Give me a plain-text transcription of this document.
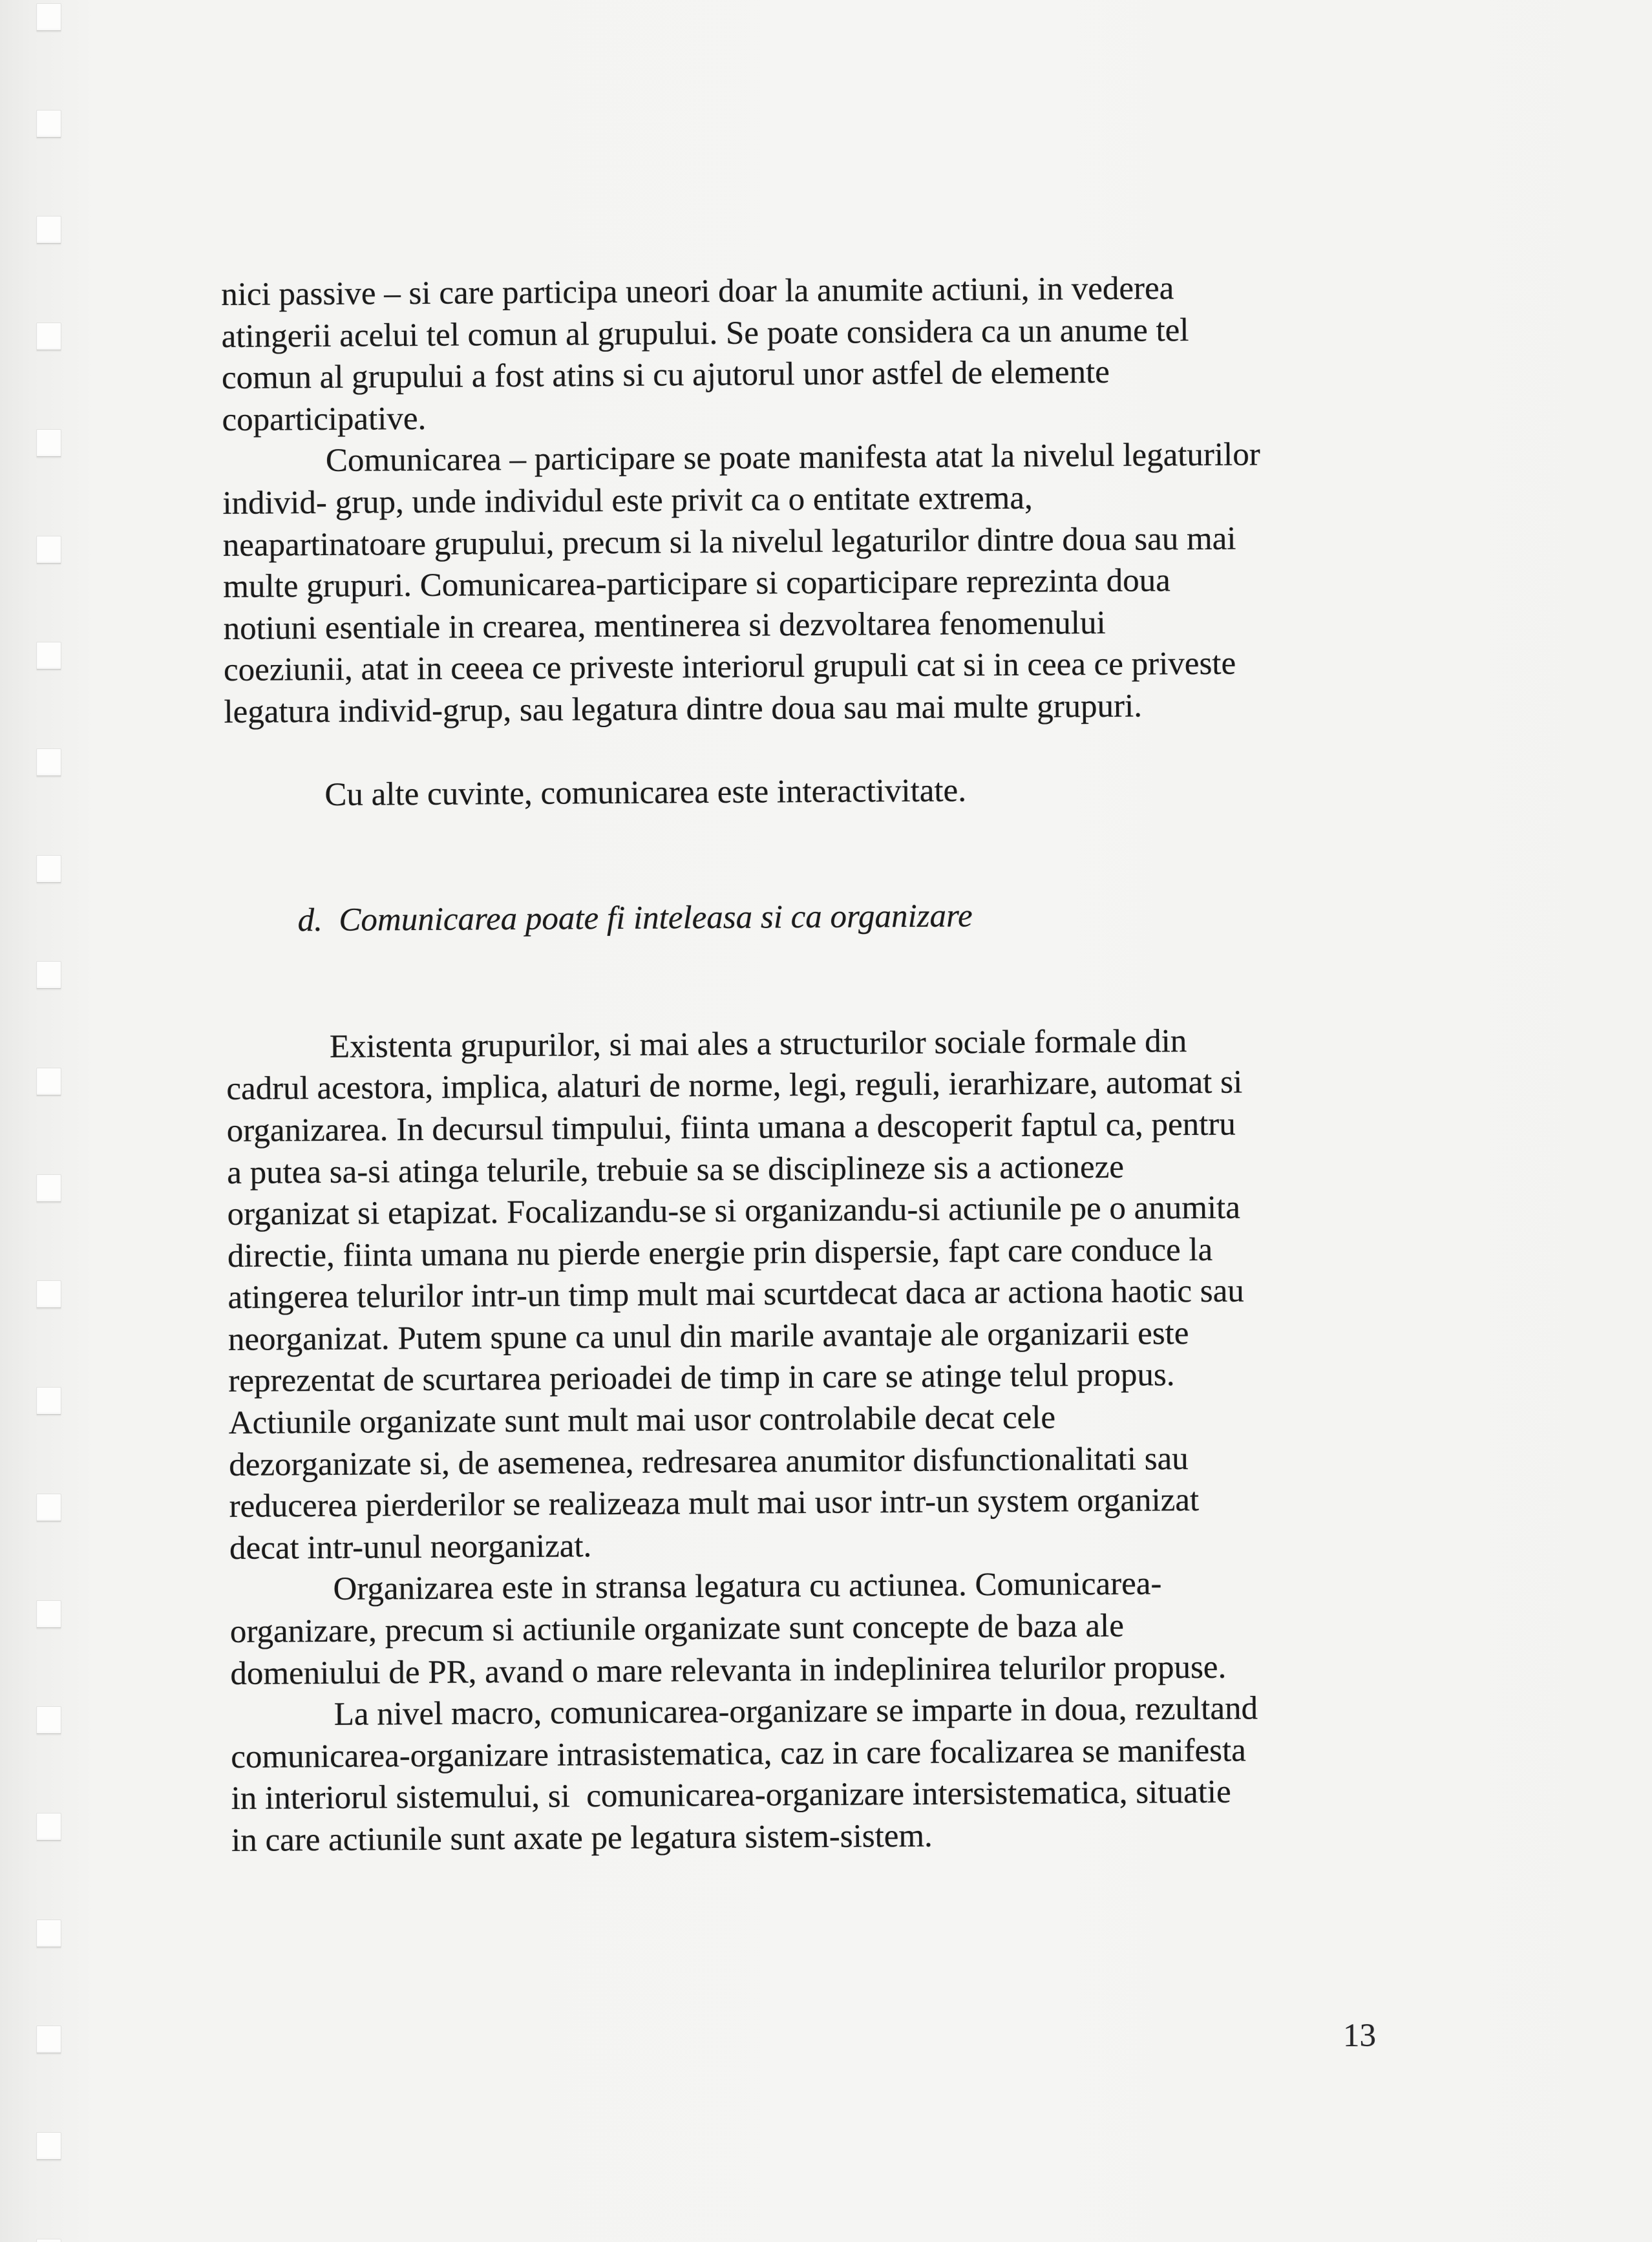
nici passive – si care participa uneori doar la anumite actiuni, in vederea
atingerii acelui tel comun al grupului. Se poate considera ca un anume tel
comun al grupului a fost atins si cu ajutorul unor astfel de elemente
coparticipative.

Comunicarea – participare se poate manifesta atat la nivelul legaturilor
individ- grup, unde individul este privit ca o entitate extrema,
neapartinatoare grupului, precum si la nivelul legaturilor dintre doua sau mai
multe grupuri. Comunicarea-participare si coparticipare reprezinta doua
notiuni esentiale in crearea, mentinerea si dezvoltarea fenomenului
coeziunii, atat in ceeea ce priveste interiorul grupuli cat si in ceea ce priveste
legatura individ-grup, sau legatura dintre doua sau mai multe grupuri.

Cu alte cuvinte, comunicarea este interactivitate.

d.  Comunicarea poate fi inteleasa si ca organizare

Existenta grupurilor, si mai ales a structurilor sociale formale din
cadrul acestora, implica, alaturi de norme, legi, reguli, ierarhizare, automat si
organizarea. In decursul timpului, fiinta umana a descoperit faptul ca, pentru
a putea sa-si atinga telurile, trebuie sa se disciplineze sis a actioneze
organizat si etapizat. Focalizandu-se si organizandu-si actiunile pe o anumita
directie, fiinta umana nu pierde energie prin dispersie, fapt care conduce la
atingerea telurilor intr-un timp mult mai scurtdecat daca ar actiona haotic sau
neorganizat. Putem spune ca unul din marile avantaje ale organizarii este
reprezentat de scurtarea perioadei de timp in care se atinge telul propus.
Actiunile organizate sunt mult mai usor controlabile decat cele
dezorganizate si, de asemenea, redresarea anumitor disfunctionalitati sau
reducerea pierderilor se realizeaza mult mai usor intr-un system organizat
decat intr-unul neorganizat.

Organizarea este in stransa legatura cu actiunea. Comunicarea-
organizare, precum si actiunile organizate sunt concepte de baza ale
domeniului de PR, avand o mare relevanta in indeplinirea telurilor propuse.

La nivel macro, comunicarea-organizare se imparte in doua, rezultand
comunicarea-organizare intrasistematica, caz in care focalizarea se manifesta
in interiorul sistemului, si  comunicarea-organizare intersistematica, situatie
in care actiunile sunt axate pe legatura sistem-sistem.

13
